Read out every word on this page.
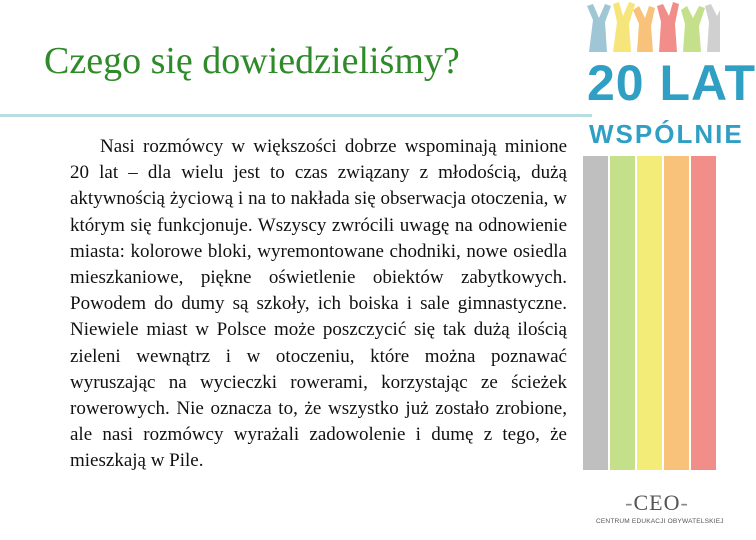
Czego się dowiedzieliśmy?

Nasi rozmówcy w większości dobrze wspominają minione 20 lat – dla wielu jest to czas związany z młodością, dużą aktywnością życiową i na to nakłada się obserwacja otoczenia, w którym się funkcjonuje. Wszyscy zwrócili uwagę na odnowienie miasta: kolorowe bloki, wyremontowane chodniki, nowe osiedla mieszkaniowe, piękne oświetlenie obiektów zabytkowych. Powodem do dumy są szkoły, ich boiska i sale gimnastyczne. Niewiele miast w Polsce może poszczycić się tak dużą ilością zieleni wewnątrz i w otoczeniu, które można poznawać wyruszając na wycieczki rowerami, korzystając ze ścieżek rowerowych. Nie oznacza to, że wszystko już zostało zrobione, ale nasi rozmówcy wyrażali zadowolenie i dumę z tego, że mieszkają w Pile.

20 LAT
WSPÓLNIE
-CEO-
CENTRUM EDUKACJI OBYWATELSKIEJ
